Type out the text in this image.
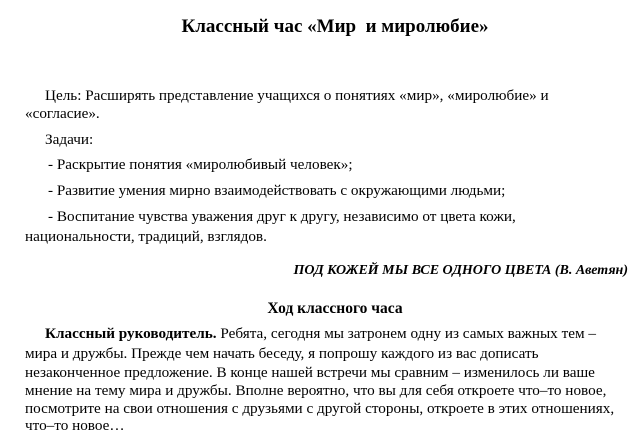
Классный час «Мир  и миролюбие»
Цель: Расширять представление учащихся о понятиях «мир», «миролюбие» и
«согласие».
Задачи:
- Раскрытие понятия «миролюбивый человек»;
- Развитие умения мирно взаимодействовать с окружающими людьми;
- Воспитание чувства уважения друг к другу, независимо от цвета кожи,
национальности, традиций, взглядов.
ПОД КОЖЕЙ МЫ ВСЕ ОДНОГО ЦВЕТА (В. Аветян)
Ход классного часа
Классный руководитель. Ребята, сегодня мы затронем одну из самых важных тем –
мира и дружбы. Прежде чем начать беседу, я попрошу каждого из вас дописать
незаконченное предложение. В конце нашей встречи мы сравним – изменилось ли ваше
мнение на тему мира и дружбы. Вполне вероятно, что вы для себя откроете что–то новое,
посмотрите на свои отношения с друзьями с другой стороны, откроете в этих отношениях,
что–то новое…
